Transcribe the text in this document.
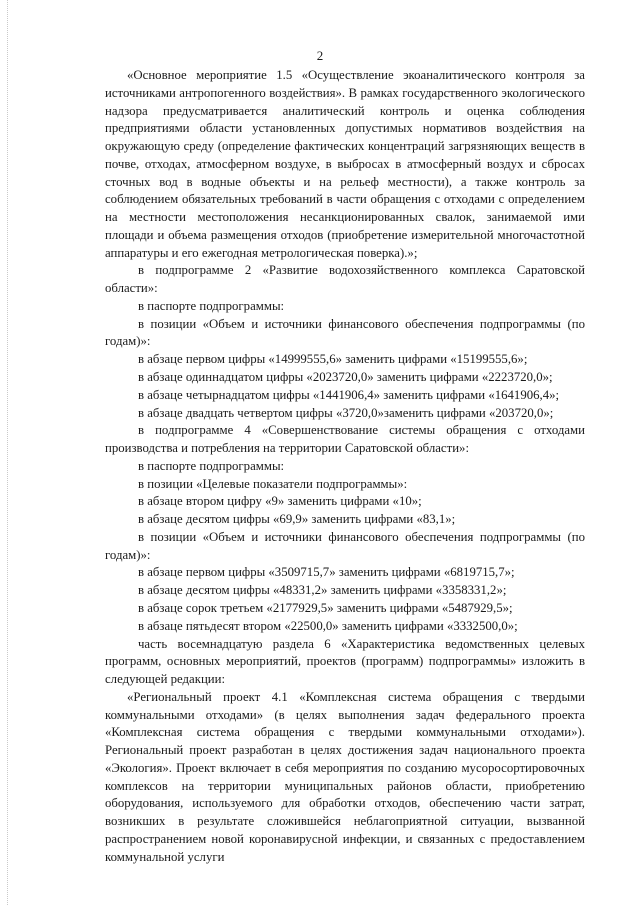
2

«Основное мероприятие 1.5 «Осуществление экоаналитического контроля за источниками антропогенного воздействия». В рамках государственного экологического надзора предусматривается аналитический контроль и оценка соблюдения предприятиями области установленных допустимых нормативов воздействия на окружающую среду (определение фактических концентраций загрязняющих веществ в почве, отходах, атмосферном воздухе, в выбросах в атмосферный воздух и сбросах сточных вод в водные объекты и на рельеф местности), а также контроль за соблюдением обязательных требований в части обращения с отходами с определением на местности местоположения несанкционированных свалок, занимаемой ими площади и объема размещения отходов (приобретение измерительной многочастотной аппаратуры и его ежегодная метрологическая поверка).»;

в подпрограмме 2 «Развитие водохозяйственного комплекса Саратовской области»:

в паспорте подпрограммы:

в позиции «Объем и источники финансового обеспечения подпрограммы (по годам)»:

в абзаце первом цифры «14999555,6» заменить цифрами «15199555,6»;

в абзаце одиннадцатом цифры «2023720,0» заменить цифрами «2223720,0»;

в абзаце четырнадцатом цифры «1441906,4» заменить цифрами «1641906,4»;

в абзаце двадцать четвертом цифры «3720,0»заменить цифрами «203720,0»;

в подпрограмме 4 «Совершенствование системы обращения с отходами производства и потребления на территории Саратовской области»:

в паспорте подпрограммы:

в позиции «Целевые показатели подпрограммы»:

в абзаце втором цифру «9» заменить цифрами «10»;

в абзаце десятом цифры «69,9» заменить цифрами «83,1»;

в позиции «Объем и источники финансового обеспечения подпрограммы (по годам)»:

в абзаце первом цифры «3509715,7» заменить цифрами «6819715,7»;

в абзаце десятом цифры «48331,2» заменить цифрами «3358331,2»;

в абзаце сорок третьем «2177929,5» заменить цифрами «5487929,5»;

в абзаце пятьдесят втором «22500,0» заменить цифрами «3332500,0»;

часть восемнадцатую раздела 6 «Характеристика ведомственных целевых программ, основных мероприятий, проектов (программ) подпрограммы» изложить в следующей редакции:

«Региональный проект 4.1 «Комплексная система обращения с твердыми коммунальными отходами» (в целях выполнения задач федерального проекта «Комплексная система обращения с твердыми коммунальными отходами»). Региональный проект разработан в целях достижения задач национального проекта «Экология». Проект включает в себя мероприятия по созданию мусоросортировочных комплексов на территории муниципальных районов области, приобретению оборудования, используемого для обработки отходов, обеспечению части затрат, возникших в результате сложившейся неблагоприятной ситуации, вызванной распространением новой коронавирусной инфекции, и связанных с предоставлением коммунальной услуги
